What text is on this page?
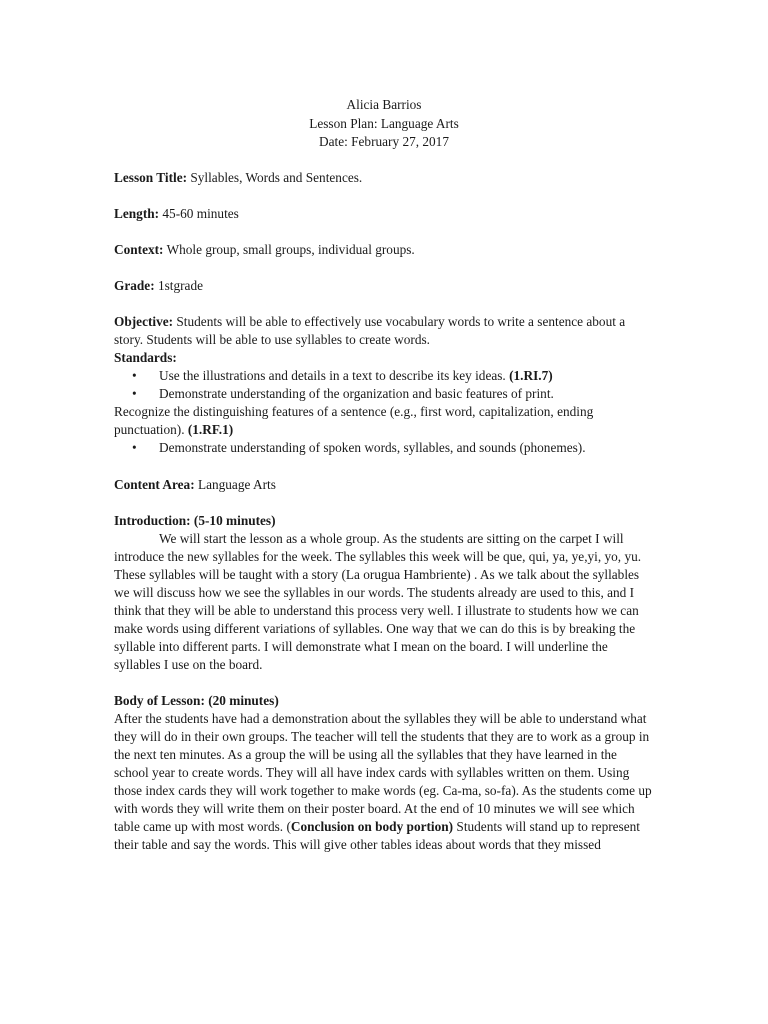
Alicia Barrios
Lesson Plan: Language Arts
Date: February 27, 2017

Lesson Title: Syllables, Words and Sentences.

Length: 45-60 minutes

Context: Whole group, small groups, individual groups.

Grade: 1stgrade

Objective: Students will be able to effectively use vocabulary words to write a sentence about a story. Students will be able to use syllables to create words.

Standards:

• Use the illustrations and details in a text to describe its key ideas. (1.RI.7)
• Demonstrate understanding of the organization and basic features of print.

Recognize the distinguishing features of a sentence (e.g., first word, capitalization, ending punctuation). (1.RF.1)

• Demonstrate understanding of spoken words, syllables, and sounds (phonemes).

Content Area: Language Arts

Introduction: (5-10 minutes)

We will start the lesson as a whole group. As the students are sitting on the carpet I will introduce the new syllables for the week. The syllables this week will be que, qui, ya, ye,yi, yo, yu. These syllables will be taught with a story (La orugua Hambriente) . As we talk about the syllables we will discuss how we see the syllables in our words. The students already are used to this, and I think that they will be able to understand this process very well. I illustrate to students how we can make words using different variations of syllables. One way that we can do this is by breaking the syllable into different parts. I will demonstrate what I mean on the board. I will underline the syllables I use on the board.

Body of Lesson: (20 minutes)

After the students have had a demonstration about the syllables they will be able to understand what they will do in their own groups. The teacher will tell the students that they are to work as a group in the next ten minutes. As a group the will be using all the syllables that they have learned in the school year to create words. They will all have index cards with syllables written on them. Using those index cards they will work together to make words (eg. Ca-ma, so-fa). As the students come up with words they will write them on their poster board. At the end of 10 minutes we will see which table came up with most words. (Conclusion on body portion) Students will stand up to represent their table and say the words. This will give other tables ideas about words that they missed
